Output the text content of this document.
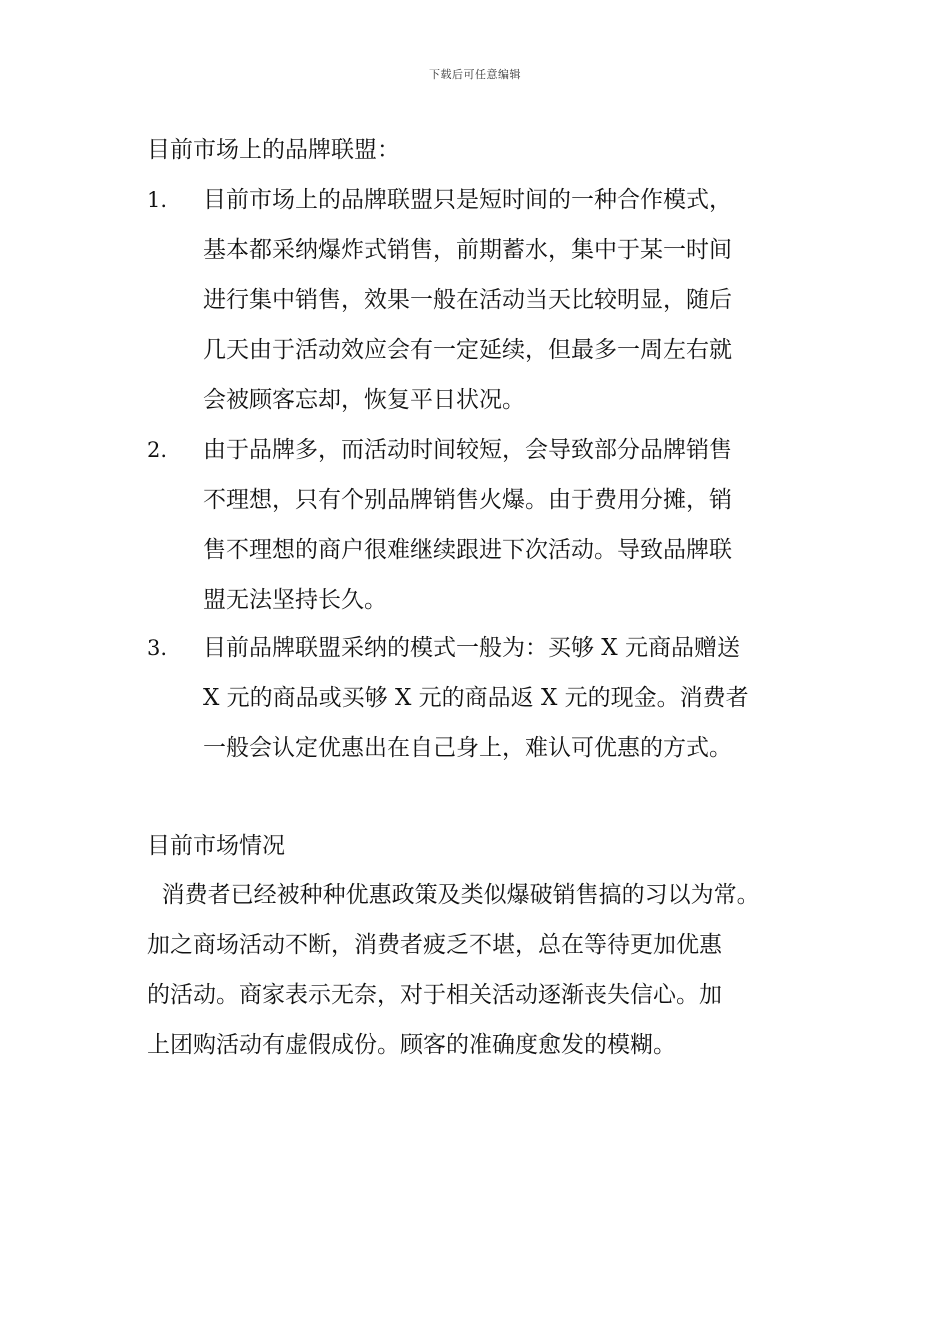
下载后可任意编辑
目前市场上的品牌联盟：
1. 目前市场上的品牌联盟只是短时间的一种合作模式，
基本都采纳爆炸式销售，前期蓄水，集中于某一时间
进行集中销售，效果一般在活动当天比较明显，随后
几天由于活动效应会有一定延续，但最多一周左右就
会被顾客忘却，恢复平日状况。
2. 由于品牌多，而活动时间较短，会导致部分品牌销售
不理想，只有个别品牌销售火爆。由于费用分摊，销
售不理想的商户很难继续跟进下次活动。导致品牌联
盟无法坚持长久。
3. 目前品牌联盟采纳的模式一般为：买够 X 元商品赠送
X 元的商品或买够 X 元的商品返 X 元的现金。消费者
一般会认定优惠出在自己身上，难认可优惠的方式。
目前市场情况
消费者已经被种种优惠政策及类似爆破销售搞的习以为常。
加之商场活动不断，消费者疲乏不堪，总在等待更加优惠
的活动。商家表示无奈，对于相关活动逐渐丧失信心。加
上团购活动有虚假成份。顾客的准确度愈发的模糊。
